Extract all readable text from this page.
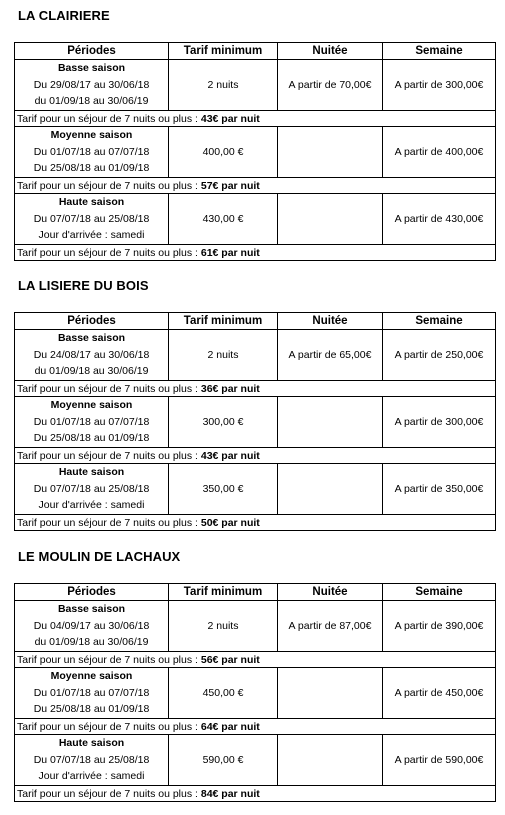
LA CLAIRIERE
Périodes	Tarif minimum	Nuitée	Semaine

Basse saison
Du 29/08/17 au 30/06/18
du 01/09/18 au 30/06/19	2 nuits	A partir de 70,00€	A partir de 300,00€
Tarif pour un séjour de 7 nuits ou plus : 43€ par nuit			

Moyenne saison
Du 01/07/18 au 07/07/18
Du 25/08/18 au 01/09/18	400,00 €		A partir de 400,00€
Tarif pour un séjour de 7 nuits ou plus : 57€ par nuit			

Haute saison
Du 07/07/18 au 25/08/18
Jour d'arrivée : samedi	430,00 €		A partir de 430,00€
Tarif pour un séjour de 7 nuits ou plus : 61€ par nuit			
LA LISIERE DU BOIS
Périodes	Tarif minimum	Nuitée	Semaine

Basse saison
Du 24/08/17 au 30/06/18
du 01/09/18 au 30/06/19	2 nuits	A partir de 65,00€	A partir de 250,00€
Tarif pour un séjour de 7 nuits ou plus : 36€ par nuit			

Moyenne saison
Du 01/07/18 au 07/07/18
Du 25/08/18 au 01/09/18	300,00 €		A partir de 300,00€
Tarif pour un séjour de 7 nuits ou plus : 43€ par nuit			

Haute saison
Du 07/07/18 au 25/08/18
Jour d'arrivée : samedi	350,00 €		A partir de 350,00€
Tarif pour un séjour de 7 nuits ou plus : 50€ par nuit			
LE MOULIN DE LACHAUX
Périodes	Tarif minimum	Nuitée	Semaine

Basse saison
Du 04/09/17 au 30/06/18
du 01/09/18 au 30/06/19	2 nuits	A partir de 87,00€	A partir de 390,00€
Tarif pour un séjour de 7 nuits ou plus : 56€ par nuit			

Moyenne saison
Du 01/07/18 au 07/07/18
Du 25/08/18 au 01/09/18	450,00 €		A partir de 450,00€
Tarif pour un séjour de 7 nuits ou plus : 64€ par nuit			

Haute saison
Du 07/07/18 au 25/08/18
Jour d'arrivée : samedi	590,00 €		A partir de 590,00€
Tarif pour un séjour de 7 nuits ou plus : 84€ par nuit			
